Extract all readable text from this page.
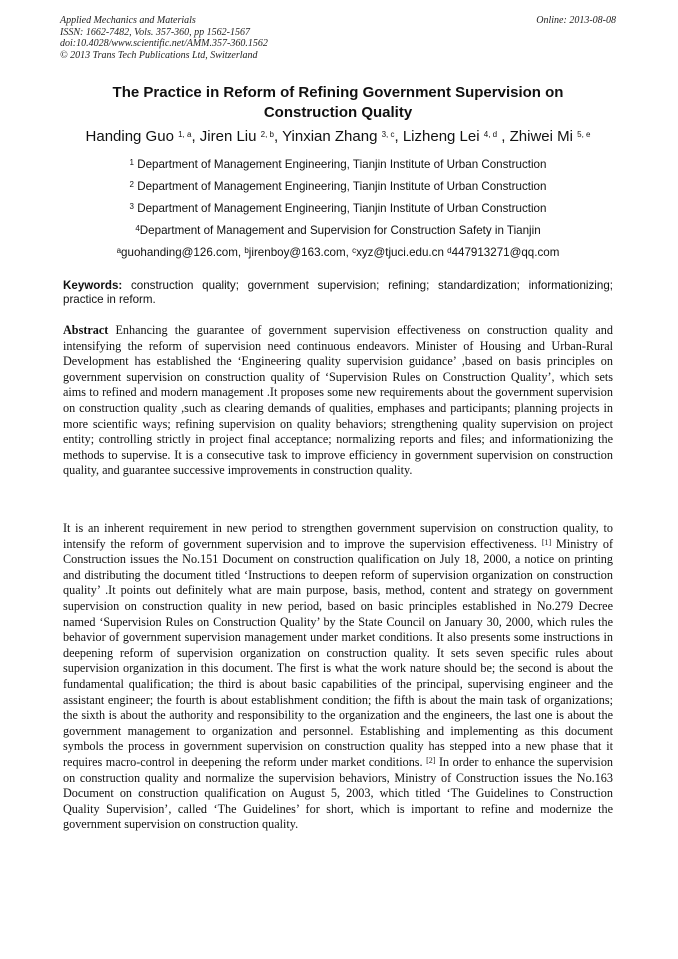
Applied Mechanics and Materials
ISSN: 1662-7482, Vols. 357-360, pp 1562-1567
doi:10.4028/www.scientific.net/AMM.357-360.1562
© 2013 Trans Tech Publications Ltd, Switzerland
Online: 2013-08-08
The Practice in Reform of Refining Government Supervision on
Construction Quality
Handing Guo $^{1, a}$, Jiren Liu $^{2, b}$, Yinxian Zhang $^{3, c}$, Lizheng Lei $^{4, d}$ , Zhiwei Mi $^{5, e}$
$^1$ Department of Management Engineering, Tianjin Institute of Urban Construction
$^2$ Department of Management Engineering, Tianjin Institute of Urban Construction
$^3$ Department of Management Engineering, Tianjin Institute of Urban Construction
$^4$Department of Management and Supervision for Construction Safety in Tianjin
$^a$guohanding@126.com, $^b$jirenboy@163.com, $^c$xyz@tjuci.edu.cn $^d$447913271@qq.com
Keywords: construction quality; government supervision; refining; standardization; informationizing; practice in reform.
Abstract Enhancing the guarantee of government supervision effectiveness on construction quality and intensifying the reform of supervision need continuous endeavors. Minister of Housing and Urban-Rural Development has established the ‘Engineering quality supervision guidance’ ,based on basis principles on government supervision on construction quality of ‘Supervision Rules on Construction Quality’, which sets aims to refined and modern management .It proposes some new requirements about the government supervision on construction quality ,such as clearing demands of qualities, emphases and participants; planning projects in more scientific ways; refining supervision on quality behaviors; strengthening quality supervision on project entity; controlling strictly in project final acceptance; normalizing reports and files; and informationizing the methods to supervise. It is a consecutive task to improve efficiency in government supervision on construction quality, and guarantee successive improvements in construction quality.
It is an inherent requirement in new period to strengthen government supervision on construction quality, to intensify the reform of government supervision and to improve the supervision effectiveness. [1] Ministry of Construction issues the No.151 Document on construction qualification on July 18, 2000, a notice on printing and distributing the document titled ‘Instructions to deepen reform of supervision organization on construction quality’ .It points out definitely what are main purpose, basis, method, content and strategy on government supervision on construction quality in new period, based on basic principles established in No.279 Decree named ‘Supervision Rules on Construction Quality’ by the State Council on January 30, 2000, which rules the behavior of government supervision management under market conditions. It also presents some instructions in deepening reform of supervision organization on construction quality. It sets seven specific rules about supervision organization in this document. The first is what the work nature should be; the second is about the fundamental qualification; the third is about basic capabilities of the principal, supervising engineer and the assistant engineer; the fourth is about establishment condition; the fifth is about the main task of organizations; the sixth is about the authority and responsibility to the organization and the engineers, the last one is about the government management to organization and personnel. Establishing and implementing as this document symbols the process in government supervision on construction quality has stepped into a new phase that it requires macro-control in deepening the reform under market conditions. [2] In order to enhance the supervision on construction quality and normalize the supervision behaviors, Ministry of Construction issues the No.163 Document on construction qualification on August 5, 2003, which titled ‘The Guidelines to Construction Quality Supervision’, called ‘The Guidelines’ for short, which is important to refine and modernize the government supervision on construction quality.
